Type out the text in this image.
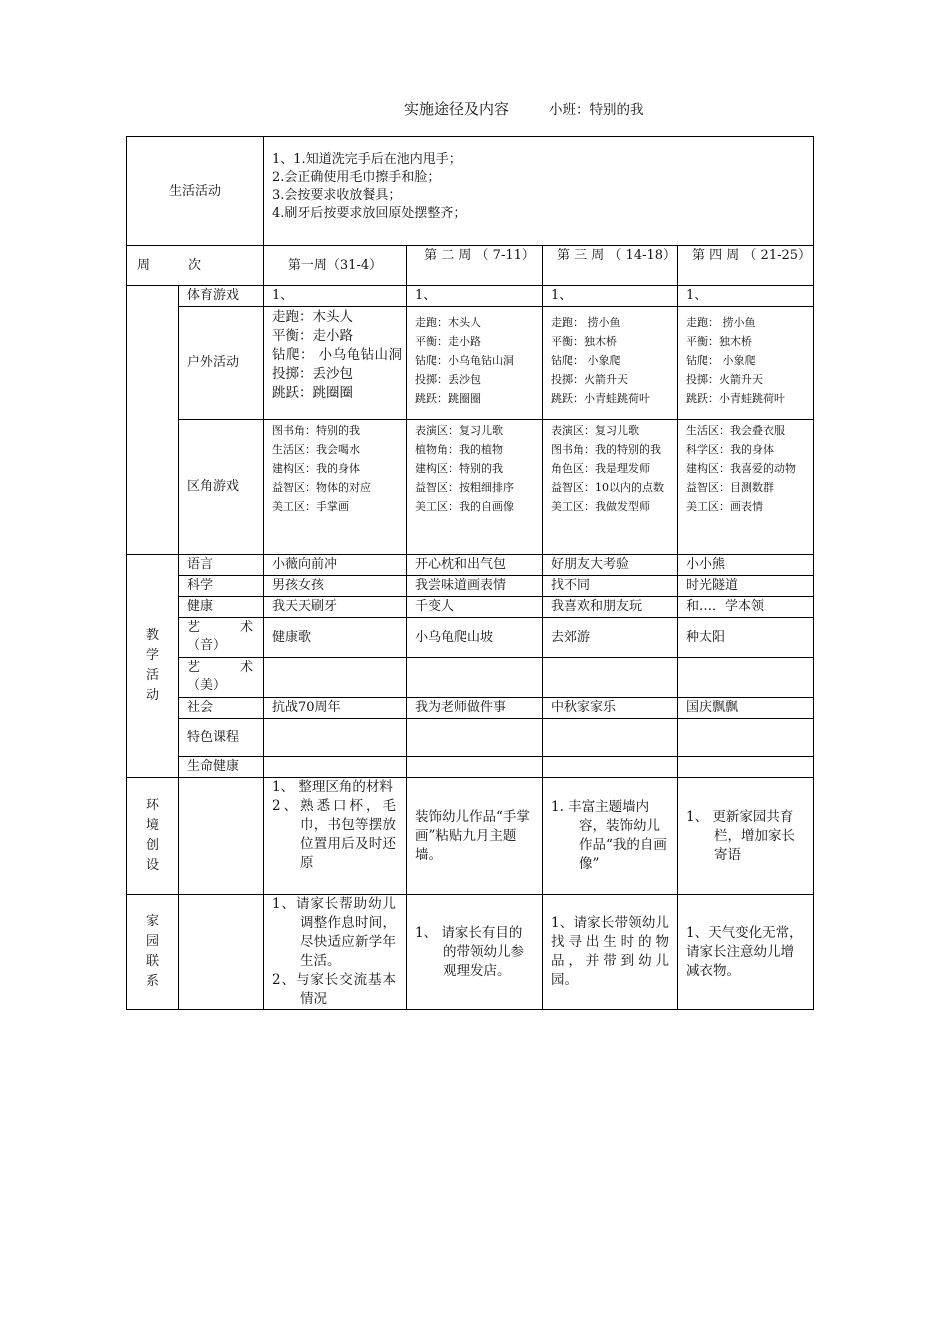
实施途径及内容	小班：特别的我
生活活动		1、1.知道洗完手后在池内甩手；
2.会正确使用毛巾擦手和脸；
3.会按要求收放餐具；
4.刷牙后按要求放回原处摆整齐；			

周 次		第一周（31-4）	第 二 周 （ 7-11）	第 三 周 （ 14-18）	第 四 周 （ 21-25）
	体育游戏	1、	1、	1、	1、
	户外活动	走跑：木头人
平衡：走小路
钻爬： 小乌龟钻山洞
投掷：丢沙包
跳跃：跳圈圈	走跑：木头人
平衡：走小路
钻爬：小乌龟钻山洞
投掷：丢沙包
跳跃：跳圈圈	走跑： 捞小鱼
平衡：独木桥
钻爬： 小象爬
投掷：火箭升天
跳跃：小青蛙跳荷叶	走跑： 捞小鱼
平衡：独木桥
钻爬： 小象爬
投掷：火箭升天
跳跃：小青蛙跳荷叶

	区角游戏	图书角：特别的我
生活区：我会喝水
建构区：我的身体
益智区：物体的对应
美工区：手掌画	表演区：复习儿歌
植物角：我的植物
建构区：特别的我
益智区：按粗细排序
美工区：我的自画像	表演区：复习儿歌
图书角：我的特别的我
角色区：我是理发师
益智区：10以内的点数
美工区：我做发型师	生活区：我会叠衣服
科学区：我的身体
建构区：我喜爱的动物
益智区：目测数群
美工区：画表情

教
学
活
动	语言	小薇向前冲	开心枕和出气包	好朋友大考验	小小熊
	科学	男孩女孩	我尝味道画表情	找不同	时光隧道
	健康	我天天刷牙	千变人	我喜欢和朋友玩	和…．学本领

	艺 术
（音）	健康歌	小乌龟爬山坡	去郊游	种太阳

	艺 术
（美）				

	社会	抗战70周年	我为老师做件事	中秋家家乐	国庆飘飘
	特色课程				
	生命健康				

环
境
创
设		1、 整理区角的材料
2、熟悉口杯，毛巾，书包等摆放位置用后及时还原	装饰幼儿作品“手掌画”粘贴九月主题墙。	1. 丰富主题墙内容，装饰幼儿作品“我的自画像”	1、 更新家园共育栏，增加家长寄语

家
园
联
系		1、请家长帮助幼儿调整作息时间，尽快适应新学年生活。
2、与家长交流基本情况	1、 请家长有目的的带领幼儿参观理发店。	1、请家长带领幼儿找寻出生时的物品，并带到幼儿园。	1、天气变化无常，请家长注意幼儿增减衣物。
